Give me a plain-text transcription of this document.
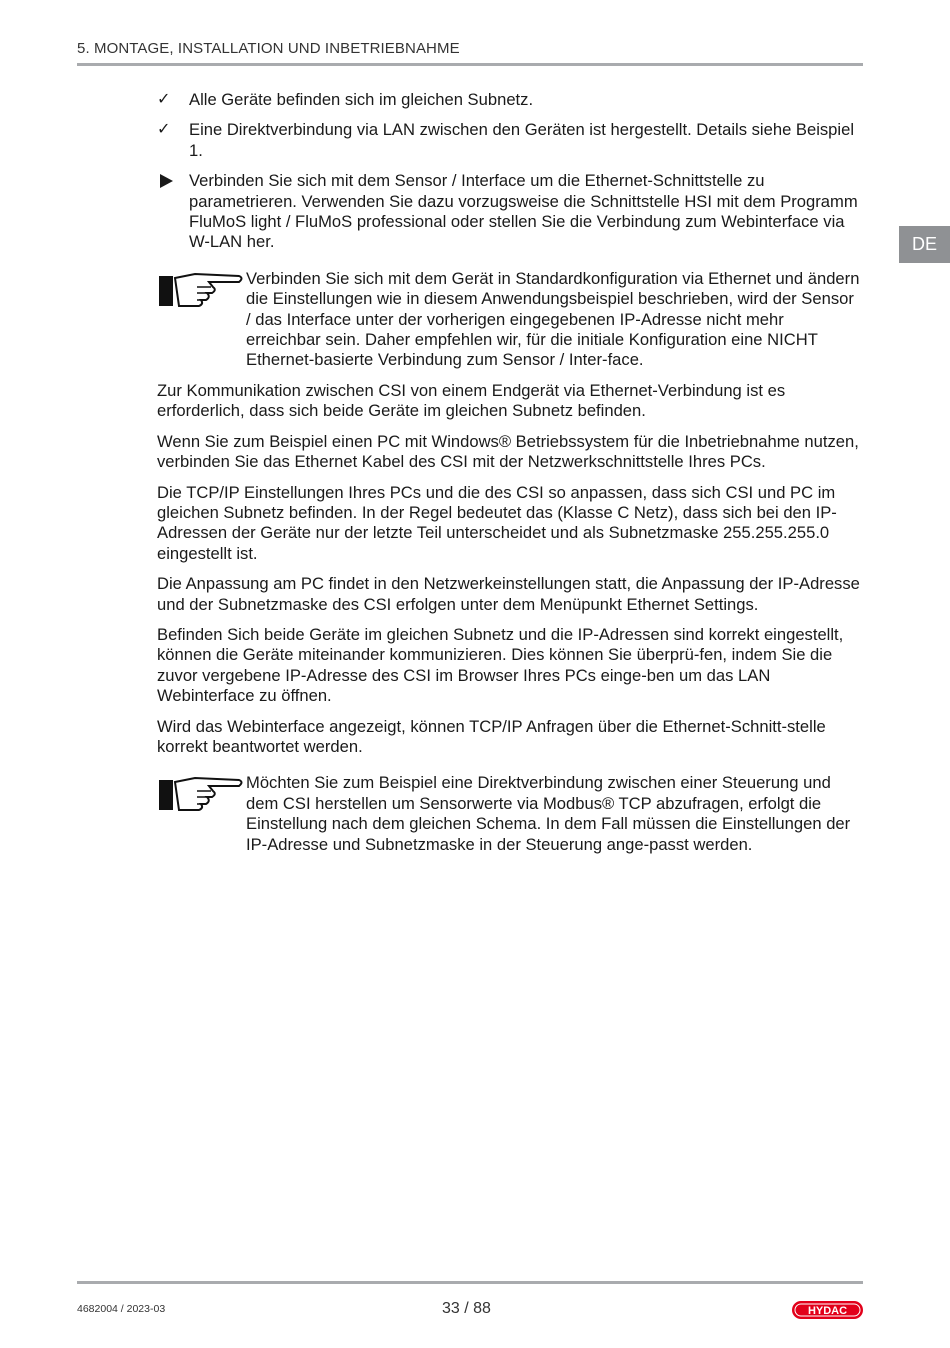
5. MONTAGE, INSTALLATION UND INBETRIEBNAHME
DE
✓	Alle Geräte befinden sich im gleichen Subnetz.
✓	Eine Direktverbindung via LAN zwischen den Geräten ist hergestellt. Details siehe Beispiel 1.
Verbinden Sie sich mit dem Sensor / Interface um die Ethernet-Schnittstelle zu parametrieren. Verwenden Sie dazu vorzugsweise die Schnittstelle HSI mit dem Programm FluMoS light / FluMoS professional oder stellen Sie die Verbindung zum Webinterface via W-LAN her.
Verbinden Sie sich mit dem Gerät in Standardkonfiguration via Ethernet und ändern die Einstellungen wie in diesem Anwendungsbeispiel beschrieben, wird der Sensor / das Interface unter der vorherigen eingegebenen IP-Adresse nicht mehr erreichbar sein. Daher empfehlen wir, für die initiale Konfiguration eine NICHT Ethernet-basierte Verbindung zum Sensor / Inter-face.

Zur Kommunikation zwischen CSI von einem Endgerät via Ethernet-Verbindung ist es erforderlich, dass sich beide Geräte im gleichen Subnetz befinden.

Wenn Sie zum Beispiel einen PC mit Windows® Betriebssystem für die Inbetriebnahme nutzen, verbinden Sie das Ethernet Kabel des CSI mit der Netzwerkschnittstelle Ihres PCs.

Die TCP/IP Einstellungen Ihres PCs und die des CSI so anpassen, dass sich CSI und PC im gleichen Subnetz befinden. In der Regel bedeutet das (Klasse C Netz), dass sich bei den IP-Adressen der Geräte nur der letzte Teil unterscheidet und als Subnetzmaske 255.255.255.0 eingestellt ist.

Die Anpassung am PC findet in den Netzwerkeinstellungen statt, die Anpassung der IP-Adresse und der Subnetzmaske des CSI erfolgen unter dem Menüpunkt Ethernet Settings.

Befinden Sich beide Geräte im gleichen Subnetz und die IP-Adressen sind korrekt eingestellt, können die Geräte miteinander kommunizieren. Dies können Sie überprü-fen, indem Sie die zuvor vergebene IP-Adresse des CSI im Browser Ihres PCs einge-ben um das LAN Webinterface zu öffnen.

Wird das Webinterface angezeigt, können TCP/IP Anfragen über die Ethernet-Schnitt-stelle korrekt beantwortet werden.

Möchten Sie zum Beispiel eine Direktverbindung zwischen einer Steuerung und dem CSI herstellen um Sensorwerte via Modbus® TCP abzufragen, erfolgt die Einstellung nach dem gleichen Schema. In dem Fall müssen die Einstellungen der IP-Adresse und Subnetzmaske in der Steuerung ange-passt werden.
4682004 / 2023-03	33 / 88	HYDAC
